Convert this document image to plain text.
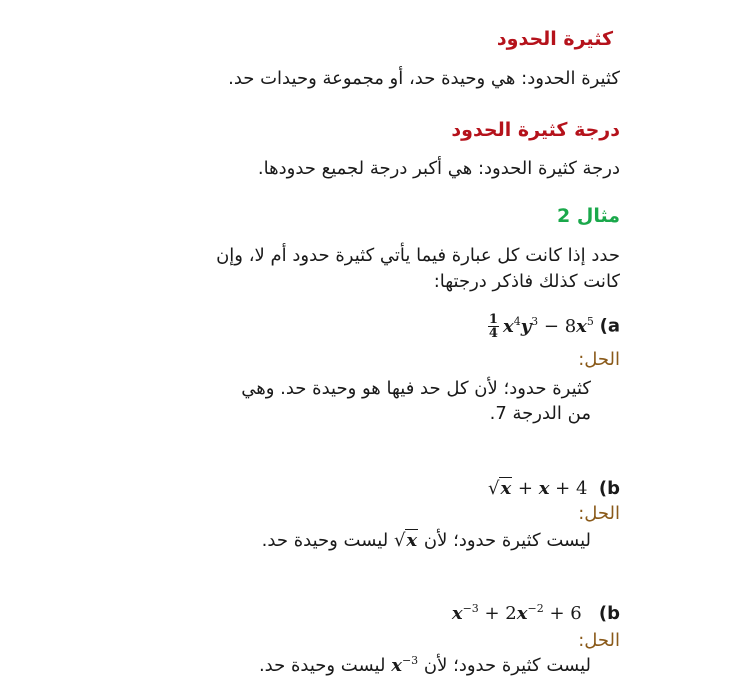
كثيرة الحدود
كثيرة الحدود: هي وحيدة حد، أو مجموعة وحيدات حد.
درجة كثيرة الحدود
درجة كثيرة الحدود: هي أكبر درجة لجميع حدودها.
مثال 2
حدد إذا كانت كل عبارة فيما يأتي كثيرة حدود أم لا، وإن
كانت كذلك فاذكر درجتها:
$\frac{1}{4} x^4y^3 - 8x^5$ (a
الحل:
كثيرة حدود؛ لأن كل حد فيها هو وحيدة حد. وهي
من الدرجة 7.
√x + x + 4  (b
الحل:
ليست كثيرة حدود؛ لأن √x ليست وحيدة حد.
$x^{-3} + 2x^{-2} + 6$   (b
الحل:
ليست كثيرة حدود؛ لأن $x^{-3}$ ليست وحيدة حد.
